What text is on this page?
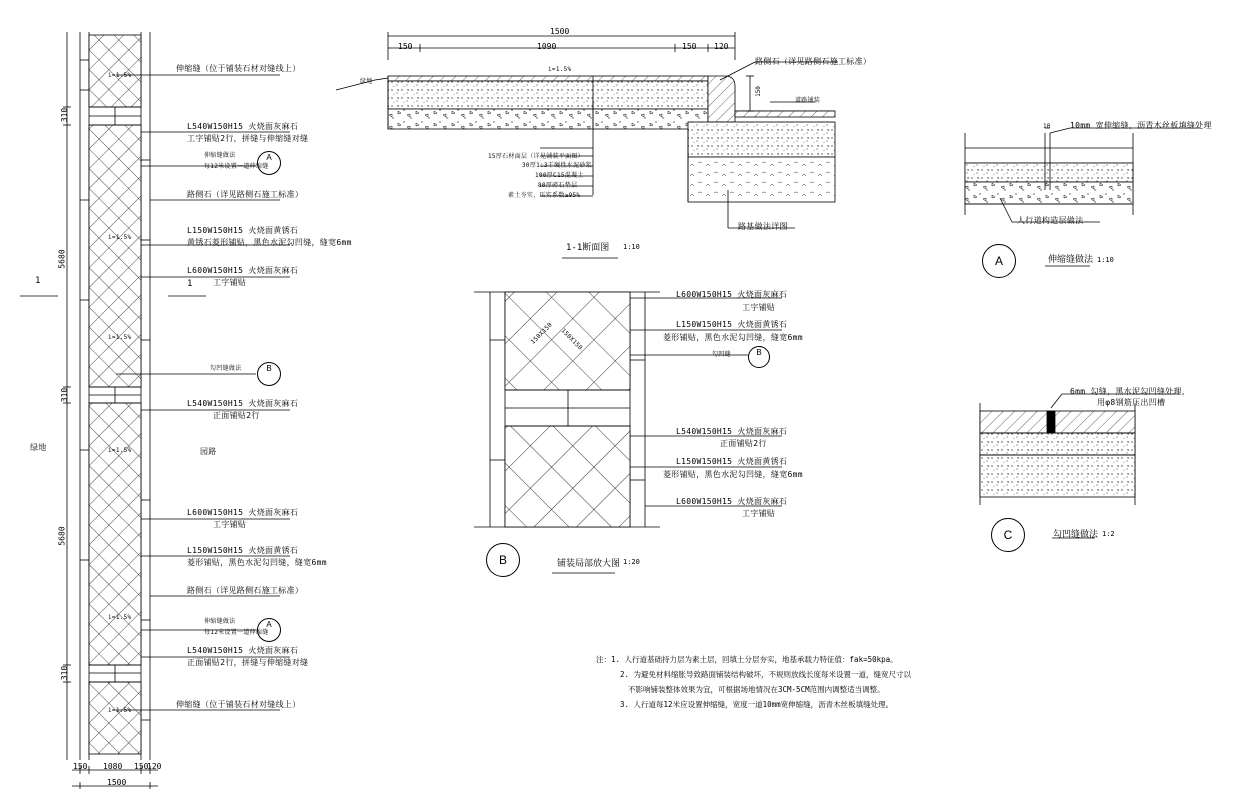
310
5680
310
5680
310
1	1
绿地	园路
i=1.5%
i=1.5%
i=1.5%
i=1.5%
i=1.5%
i=1.5%
伸缩缝（位于铺装石材对缝线上）
L540W150H15 火烧面灰麻石
工字铺贴2行，拼缝与伸缩缝对缝
伸缩缝做法
每12米设置一道伸缩缝
路侧石（详见路侧石施工标准）
L150W150H15 火烧面黄锈石
黄锈石菱形铺贴，黑色水泥勾凹缝，缝宽6mm
L600W150H15 火烧面灰麻石
工字铺贴
勾凹缝做法
L540W150H15 火烧面灰麻石
正面铺贴2行
L600W150H15 火烧面灰麻石
工字铺贴
L150W150H15 火烧面黄锈石
菱形铺贴，黑色水泥勾凹缝，缝宽6mm
路侧石（详见路侧石施工标准）
伸缩缝做法
每12米设置一道伸缩缝
L540W150H15 火烧面灰麻石
正面铺贴2行，拼缝与伸缩缝对缝
伸缩缝（位于铺装石材对缝线上）
A
B
A
150 1080 150
120
1500
1500
150	1090	150 120
i=1.5%
绿地
路侧石（详见路侧石施工标准）
道路铺装
150
15厚石材面层（详见铺装平面图）
30厚1:3干硬性水泥砂浆
100厚C15混凝土
80厚碎石垫层
素土夯实，压实系数≥95%
路基做法详图
1-1断面图 1:10
L600W150H15 火烧面灰麻石
工字铺贴
L150W150H15 火烧面黄锈石
菱形铺贴，黑色水泥勾凹缝，缝宽6mm
勾凹缝	B
L540W150H15 火烧面灰麻石
正面铺贴2行
L150W150H15 火烧面黄锈石
菱形铺贴，黑色水泥勾凹缝，缝宽6mm
L600W150H15 火烧面灰麻石
工字铺贴
150X150 150X150
B	铺装局部放大图 1:20
10 10mm 宽伸缩缝，沥青木丝板填缝处理
人行道构造层做法
A	伸缩缝做法 1:10
6mm 勾缝，黑水泥勾凹缝处理，
用φ8钢筋压出凹槽
C	勾凹缝做法 1:2
注：1. 人行道基础持力层为素土层，回填土分层夯实，地基承载力特征值：fak=50kpa。
2. 为避免材料缩胀导致路面铺装结构破坏，不规则放线长度每米设置一道，缝宽尺寸以
不影响铺装整体效果为宜，可根据场地情况在3CM-5CM范围内调整适当调整。
3. 人行道每12米应设置伸缩缝，宽度一道10mm宽伸缩缝，沥青木丝板填缝处理。
